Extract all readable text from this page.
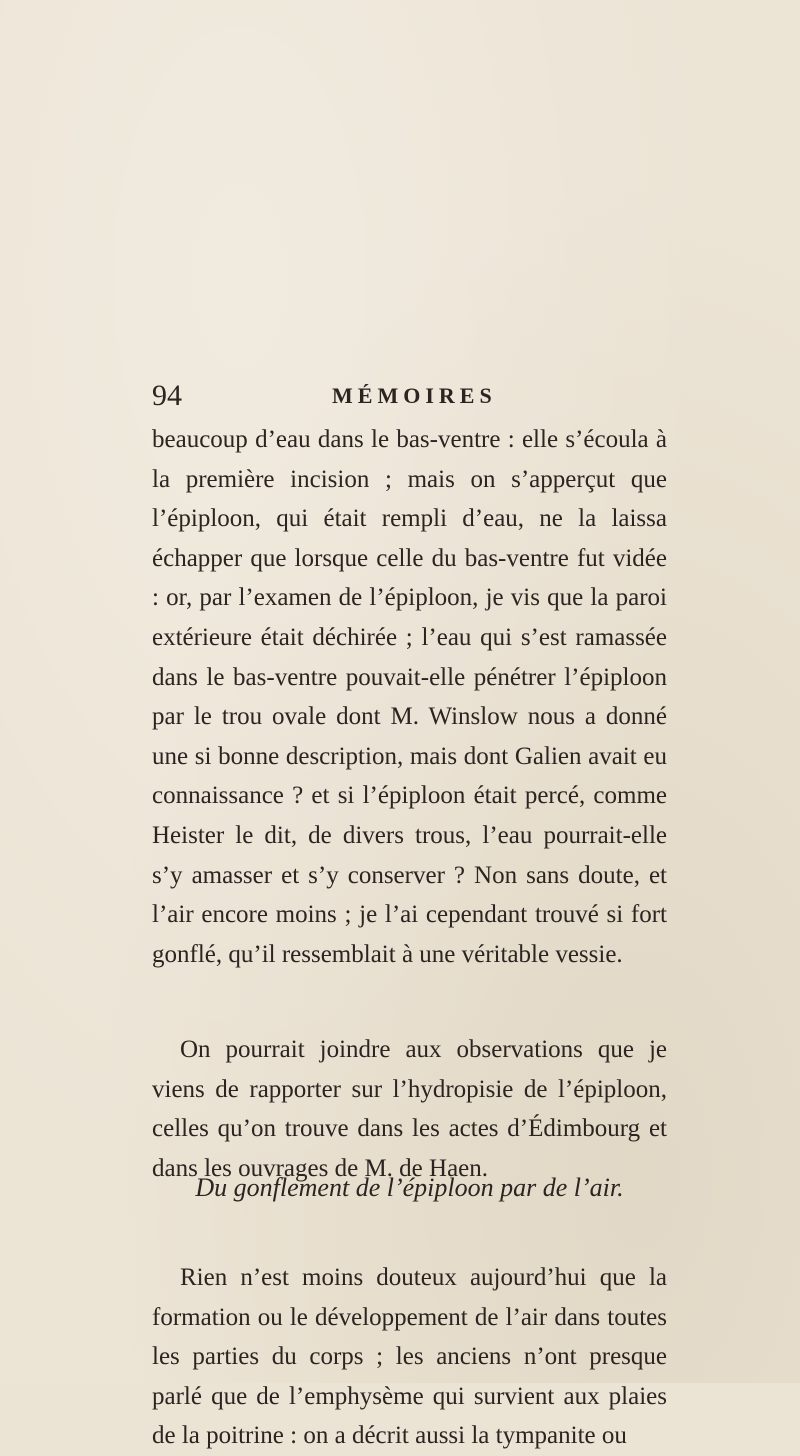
94	MÉMOIRES

beaucoup d’eau dans le bas-ventre : elle s’écoula à la première incision ; mais on s’apperçut que l’épiploon, qui était rempli d’eau, ne la laissa échapper que lorsque celle du bas-ventre fut vidée : or, par l’examen de l’épiploon, je vis que la paroi extérieure était déchirée ; l’eau qui s’est ramassée dans le bas-ventre pouvait-elle pénétrer l’épiploon par le trou ovale dont M. Winslow nous a donné une si bonne description, mais dont Galien avait eu connaissance ? et si l’épiploon était percé, comme Heister le dit, de divers trous, l’eau pourrait-elle s’y amasser et s’y conserver ? Non sans doute, et l’air encore moins ; je l’ai cependant trouvé si fort gonflé, qu’il ressemblait à une véritable vessie.

On pourrait joindre aux observations que je viens de rapporter sur l’hydropisie de l’épiploon, celles qu’on trouve dans les actes d’Édimbourg et dans les ouvrages de M. de Haen.

Du gonflement de l’épiploon par de l’air.

Rien n’est moins douteux aujourd’hui que la formation ou le développement de l’air dans toutes les parties du corps ; les anciens n’ont presque parlé que de l’emphysème qui survient aux plaies de la poitrine : on a décrit aussi la tympanite ou
